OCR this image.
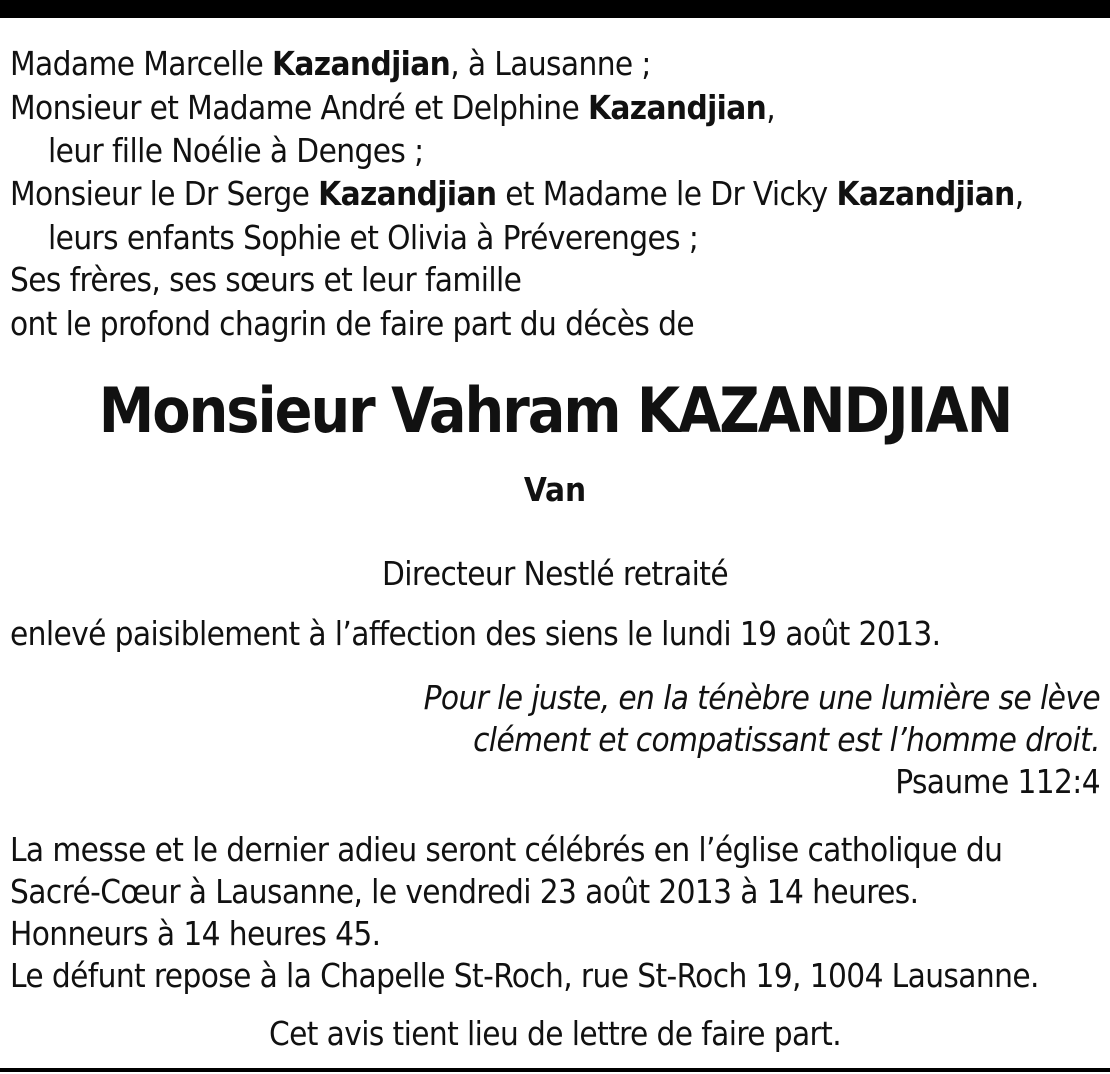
Madame Marcelle Kazandjian, à Lausanne ;
Monsieur et Madame André et Delphine Kazandjian,
leur fille Noélie à Denges ;
Monsieur le Dr Serge Kazandjian et Madame le Dr Vicky Kazandjian,
leurs enfants Sophie et Olivia à Préverenges ;
Ses frères, ses sœurs et leur famille
ont le profond chagrin de faire part du décès de
Monsieur Vahram KAZANDJIAN
Van
Directeur Nestlé retraité
enlevé paisiblement à l’affection des siens le lundi 19 août 2013.
Pour le juste, en la ténèbre une lumière se lève
clément et compatissant est l’homme droit.
Psaume 112:4
La messe et le dernier adieu seront célébrés en l’église catholique du
Sacré-Cœur à Lausanne, le vendredi 23 août 2013 à 14 heures.
Honneurs à 14 heures 45.
Le défunt repose à la Chapelle St-Roch, rue St-Roch 19, 1004 Lausanne.
Cet avis tient lieu de lettre de faire part.
